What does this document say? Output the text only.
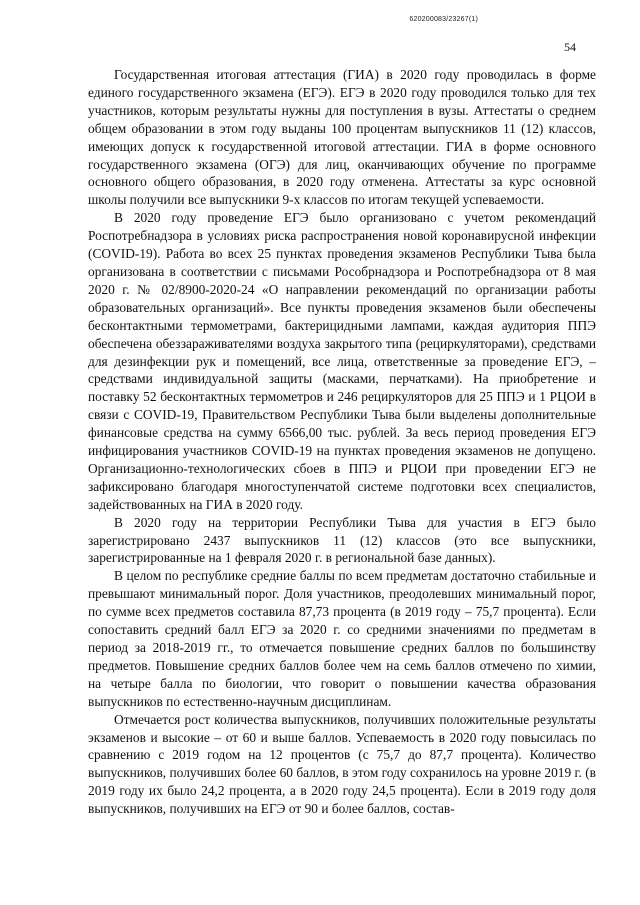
620200083/23267(1)
54

Государственная итоговая аттестация (ГИА) в 2020 году проводилась в форме единого государственного экзамена (ЕГЭ). ЕГЭ в 2020 году проводился только для тех участников, которым результаты нужны для поступления в вузы. Аттестаты о среднем общем образовании в этом году выданы 100 процентам выпускников 11 (12) классов, имеющих допуск к государственной итоговой аттестации. ГИА в форме основного государственного экзамена (ОГЭ) для лиц, оканчивающих обучение по программе основного общего образования, в 2020 году отменена. Аттестаты за курс основной школы получили все выпускники 9-х классов по итогам текущей успеваемости.

В 2020 году проведение ЕГЭ было организовано с учетом рекомендаций Роспотребнадзора в условиях риска распространения новой коронавирусной инфекции (COVID-19). Работа во всех 25 пунктах проведения экзаменов Республики Тыва была организована в соответствии с письмами Рособрнадзора и Роспотребнадзора от 8 мая 2020 г. № 02/8900-2020-24 «О направлении рекомендаций по организации работы образовательных организаций». Все пункты проведения экзаменов были обеспечены бесконтактными термометрами, бактерицидными лампами, каждая аудитория ППЭ обеспечена обеззараживателями воздуха закрытого типа (рециркуляторами), средствами для дезинфекции рук и помещений, все лица, ответственные за проведение ЕГЭ, – средствами индивидуальной защиты (масками, перчатками). На приобретение и поставку 52 бесконтактных термометров и 246 рециркуляторов для 25 ППЭ и 1 РЦОИ в связи с COVID-19, Правительством Республики Тыва были выделены дополнительные финансовые средства на сумму 6566,00 тыс. рублей. За весь период проведения ЕГЭ инфицирования участников COVID-19 на пунктах проведения экзаменов не допущено. Организационно-технологических сбоев в ППЭ и РЦОИ при проведении ЕГЭ не зафиксировано благодаря многоступенчатой системе подготовки всех специалистов, задействованных на ГИА в 2020 году.

В 2020 году на территории Республики Тыва для участия в ЕГЭ было зарегистрировано 2437 выпускников 11 (12) классов (это все выпускники, зарегистрированные на 1 февраля 2020 г. в региональной базе данных).

В целом по республике средние баллы по всем предметам достаточно стабильные и превышают минимальный порог. Доля участников, преодолевших минимальный порог, по сумме всех предметов составила 87,73 процента (в 2019 году – 75,7 процента). Если сопоставить средний балл ЕГЭ за 2020 г. со средними значениями по предметам в период за 2018-2019 гг., то отмечается повышение средних баллов по большинству предметов. Повышение средних баллов более чем на семь баллов отмечено по химии, на четыре балла по биологии, что говорит о повышении качества образования выпускников по естественно-научным дисциплинам.

Отмечается рост количества выпускников, получивших положительные результаты экзаменов и высокие – от 60 и выше баллов. Успеваемость в 2020 году повысилась по сравнению с 2019 годом на 12 процентов (с 75,7 до 87,7 процента). Количество выпускников, получивших более 60 баллов, в этом году сохранилось на уровне 2019 г. (в 2019 году их было 24,2 процента, а в 2020 году 24,5 процента). Если в 2019 году доля выпускников, получивших на ЕГЭ от 90 и более баллов, состав-
